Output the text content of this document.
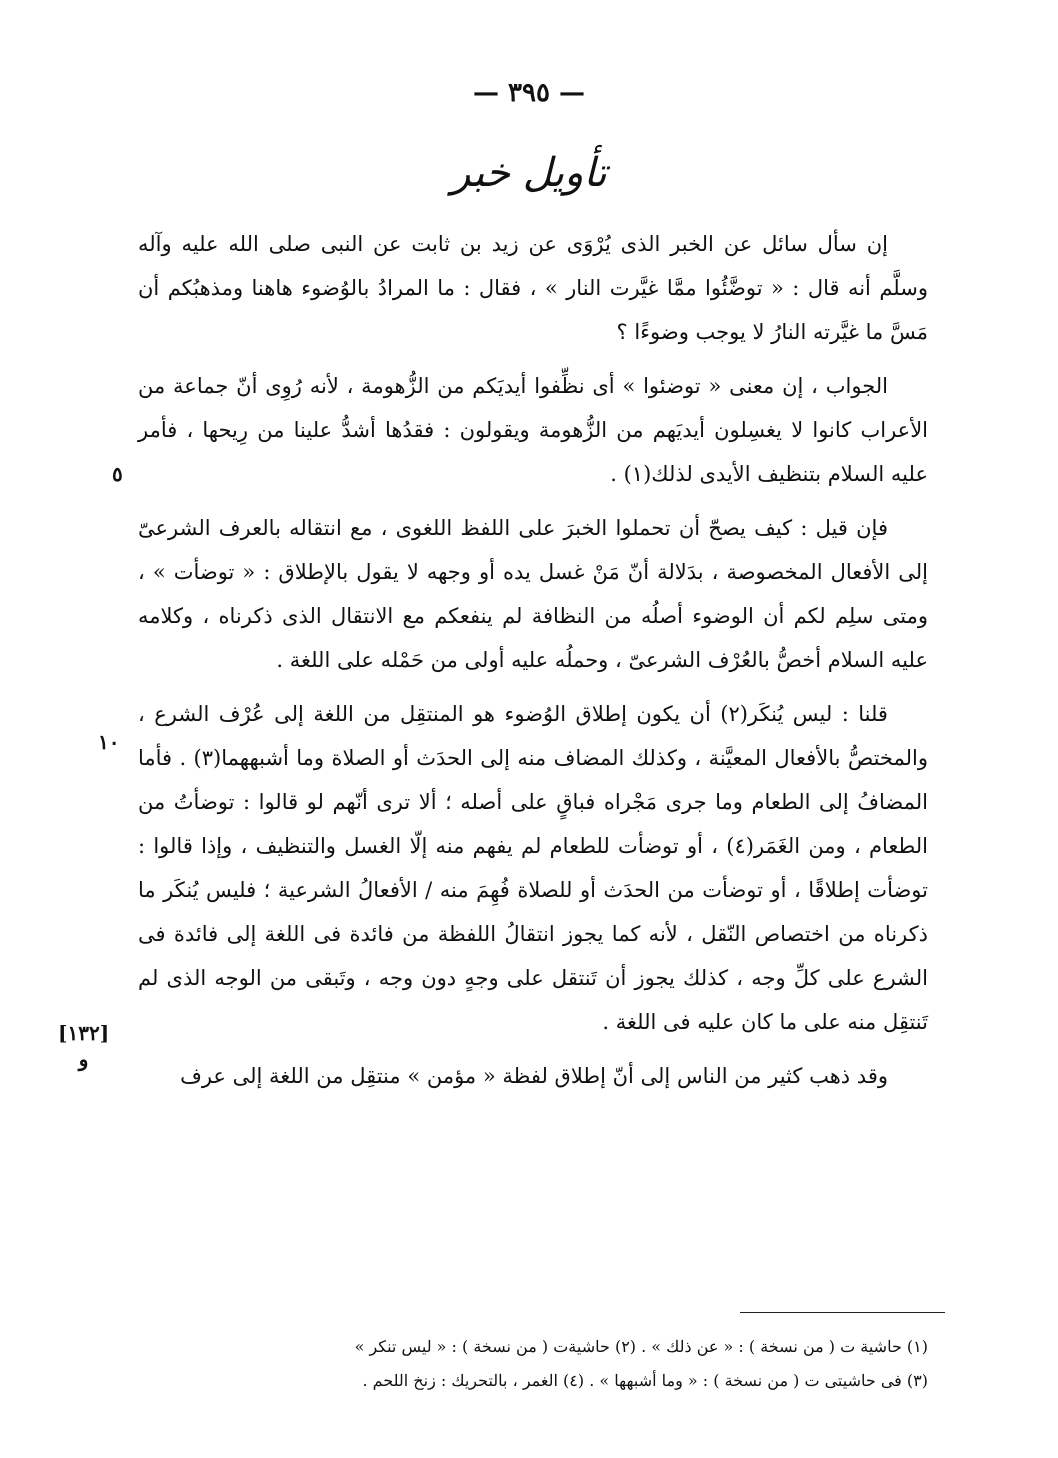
— ٣٩٥ —
تأويل خبر

إن سأل سائل عن الخبر الذى يُرْوَى عن زيد بن ثابت عن النبى صلى الله عليه وآله وسلَّم أنه قال : « توضَّئُوا ممَّا غيَّرت النار » ، فقال : ما المرادُ بالوُضوء هاهنا ومذهبُكم أن مَسَّ ما غيَّرته النارُ لا يوجب وضوءًا ؟

الجواب ، إن معنى « توضئوا » أى نظِّفوا أيديَكم من الزُّهومة ، لأنه رُوِى أنّ جماعة من الأعراب كانوا لا يغسِلون أيديَهم من الزُّهومة ويقولون : فقدُها أشدُّ علينا من رِيحها ، فأمر عليه السلام بتنظيف الأيدى لذلك(١) .

فإن قيل : كيف يصحّ أن تحملوا الخبرَ على اللفظ اللغوى ، مع انتقاله بالعرف الشرعىّ إلى الأفعال المخصوصة ، بدَلالة أنّ مَنْ غسل يده أو وجهه لا يقول بالإطلاق : « توضأت » ، ومتى سلِم لكم أن الوضوء أصلُه من النظافة لم ينفعكم مع الانتقال الذى ذكرناه ، وكلامه عليه السلام أخصُّ بالعُرْف الشرعىّ ، وحملُه عليه أولى من حَمْله على اللغة .

قلنا : ليس يُنكَر(٢) أن يكون إطلاق الوُضوء هو المنتقِل من اللغة إلى عُرْف الشرع ، والمختصُّ بالأفعال المعيَّنة ، وكذلك المضاف منه إلى الحدَث أو الصلاة وما أشبههما(٣) . فأما المضافُ إلى الطعام وما جرى مَجْراه فباقٍ على أصله ؛ ألا ترى أنّهم لو قالوا : توضأتُ من الطعام ، ومن الغَمَر(٤) ، أو توضأت للطعام لم يفهم منه إلّا الغسل والتنظيف ، وإذا قالوا : توضأت إطلاقًا ، أو توضأت من الحدَث أو للصلاة فُهِمَ منه / الأفعالُ الشرعية ؛ فليس يُنكَر ما ذكرناه من اختصاص النّقل ، لأنه كما يجوز انتقالُ اللفظة من فائدة فى اللغة إلى فائدة فى الشرع على كلِّ وجه ، كذلك يجوز أن تَنتقل على وجهٍ دون وجه ، وتَبقى من الوجه الذى لم تَنتقِل منه على ما كان عليه فى اللغة .

وقد ذهب كثير من الناس إلى أنّ إطلاق لفظة « مؤمن » منتقِل من اللغة إلى عرف

٥
١٠
[١٣٢]
و
(١) حاشية ت ( من نسخة ) : « عن ذلك » . (٢) حاشيةت ( من نسخة ) : « ليس تنكر »
(٣) فى حاشيتى ت ( من نسخة ) : « وما أشبهها » . (٤) الغمر ، بالتحريك : زنخ اللحم .
